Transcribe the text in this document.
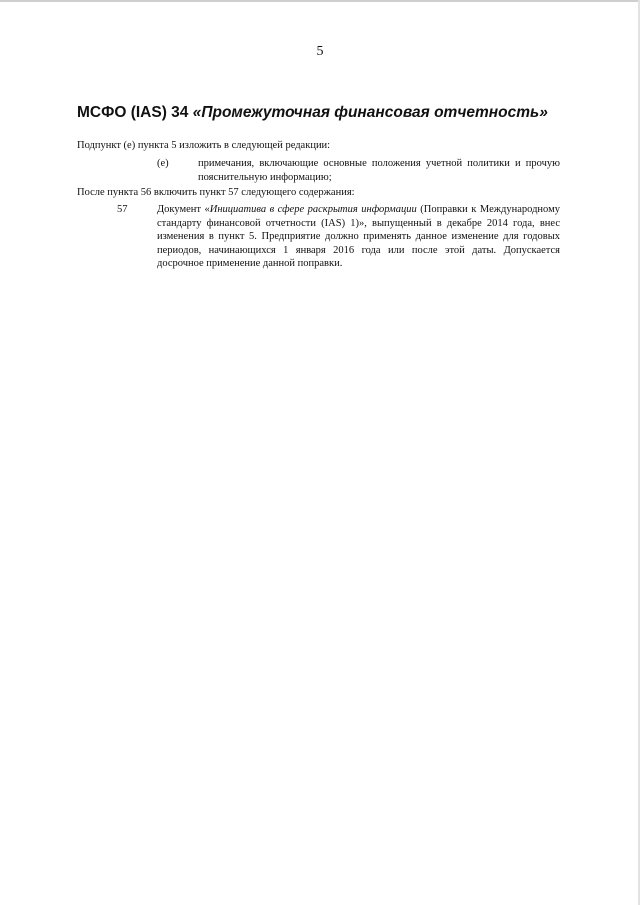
5
МСФО (IAS) 34 «Промежуточная финансовая отчетность»
Подпункт (е) пункта 5 изложить в следующей редакции:
(е)	примечания, включающие основные положения учетной политики и прочую пояснительную информацию;
После пункта 56 включить пункт 57 следующего содержания:
57	Документ «Инициатива в сфере раскрытия информации (Поправки к Международному стандарту финансовой отчетности (IAS) 1)», выпущенный в декабре 2014 года, внес изменения в пункт 5. Предприятие должно применять данное изменение для годовых периодов, начинающихся 1 января 2016 года или после этой даты. Допускается досрочное применение данной поправки.
